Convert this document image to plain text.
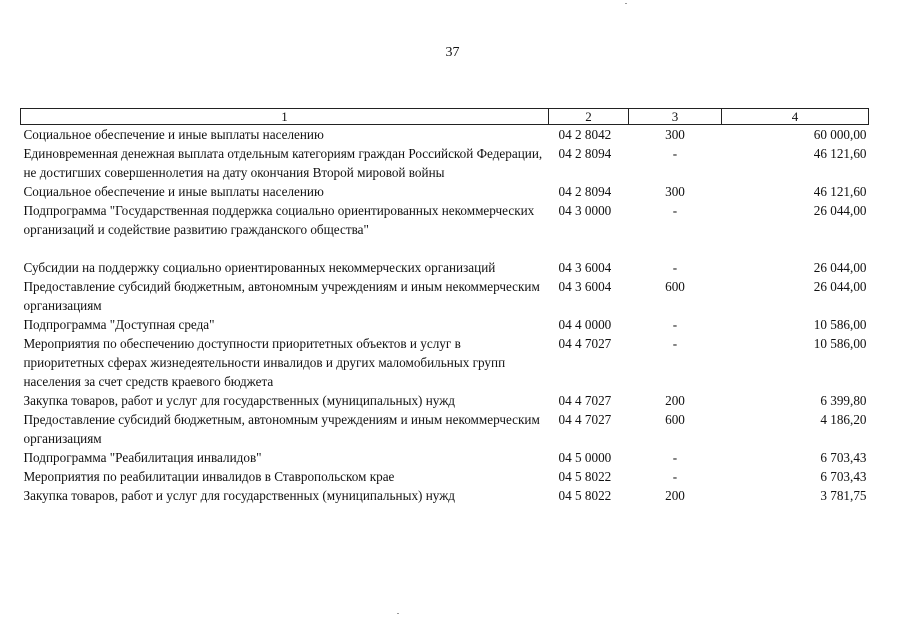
37
1	2	3	4
Социальное обеспечение и иные выплаты населению	04 2 8042	300	60 000,00
Единовременная денежная выплата отдельным категориям граждан Российской Федерации, не достигших совершеннолетия на дату окончания Второй мировой войны	04 2 8094	-	46 121,60
Социальное обеспечение и иные выплаты населению	04 2 8094	300	46 121,60
Подпрограмма "Государственная поддержка социально ориентированных некоммерческих организаций и содействие развитию гражданского общества"	04 3 0000	-	26 044,00
Субсидии на поддержку социально ориентированных некоммерческих организаций	04 3 6004	-	26 044,00
Предоставление субсидий бюджетным, автономным учреждениям и иным некоммерческим организациям	04 3 6004	600	26 044,00
Подпрограмма "Доступная среда"	04 4 0000	-	10 586,00
Мероприятия по обеспечению доступности приоритетных объектов и услуг в приоритетных сферах жизнедеятельности инвалидов и других маломобильных групп населения за счет средств краевого бюджета	04 4 7027	-	10 586,00
Закупка товаров, работ и услуг для государственных (муниципальных) нужд	04 4 7027	200	6 399,80
Предоставление субсидий бюджетным, автономным учреждениям и иным некоммерческим организациям	04 4 7027	600	4 186,20
Подпрограмма "Реабилитация инвалидов"	04 5 0000	-	6 703,43
Мероприятия по реабилитации инвалидов в Ставропольском крае	04 5 8022	-	6 703,43
Закупка товаров, работ и услуг для государственных (муниципальных) нужд	04 5 8022	200	3 781,75
